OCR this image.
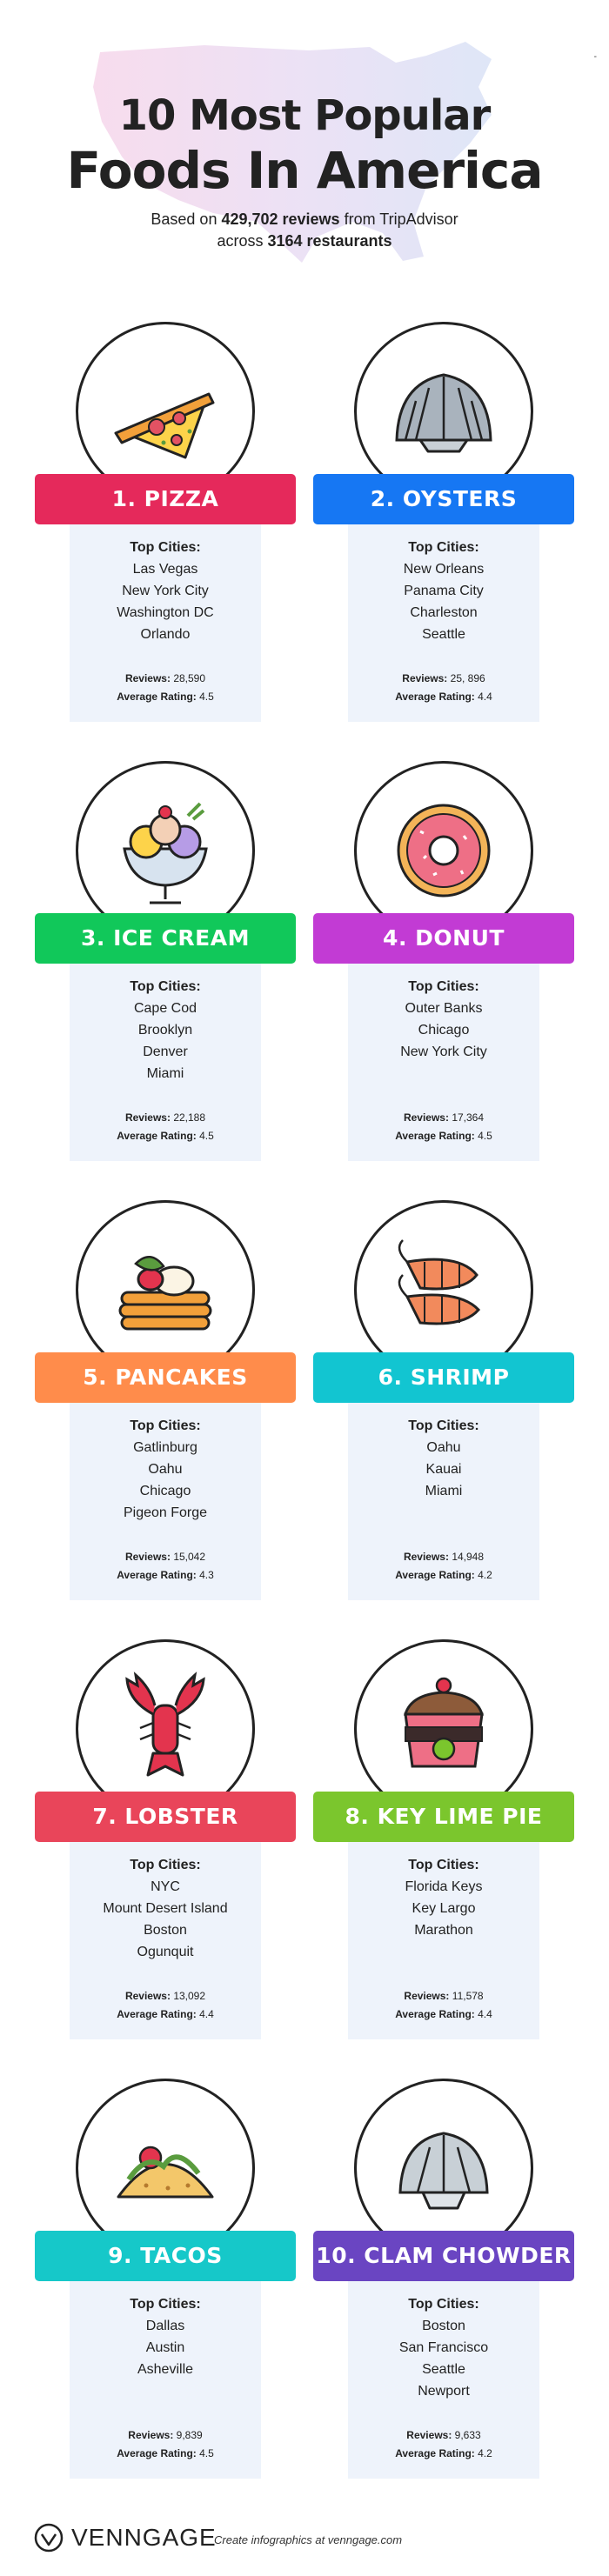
10 Most Popular
Foods In America
Based on 429,702 reviews from TripAdvisor
across 3164 restaurants
-
1. PIZZA
Top Cities:
Las Vegas
New York City
Washington DC
Orlando
Reviews: 28,590
Average Rating: 4.5
2. OYSTERS
Top Cities:
New Orleans
Panama City
Charleston
Seattle
Reviews: 25, 896
Average Rating: 4.4
3. ICE CREAM
Top Cities:
Cape Cod
Brooklyn
Denver
Miami
Reviews: 22,188
Average Rating: 4.5
4. DONUT
Top Cities:
Outer Banks
Chicago
New York City
Reviews: 17,364
Average Rating: 4.5
5. PANCAKES
Top Cities:
Gatlinburg
Oahu
Chicago
Pigeon Forge
Reviews: 15,042
Average Rating: 4.3
6. SHRIMP
Top Cities:
Oahu
Kauai
Miami
Reviews: 14,948
Average Rating: 4.2
7. LOBSTER
Top Cities:
NYC
Mount Desert Island
Boston
Ogunquit
Reviews: 13,092
Average Rating: 4.4
8. KEY LIME PIE
Top Cities:
Florida Keys
Key Largo
Marathon
Reviews: 11,578
Average Rating: 4.4
9. TACOS
Top Cities:
Dallas
Austin
Asheville
Reviews: 9,839
Average Rating: 4.5
10. CLAM CHOWDER
Top Cities:
Boston
San Francisco
Seattle
Newport
Reviews: 9,633
Average Rating: 4.2
VENNGAGE
Create infographics at venngage.com
